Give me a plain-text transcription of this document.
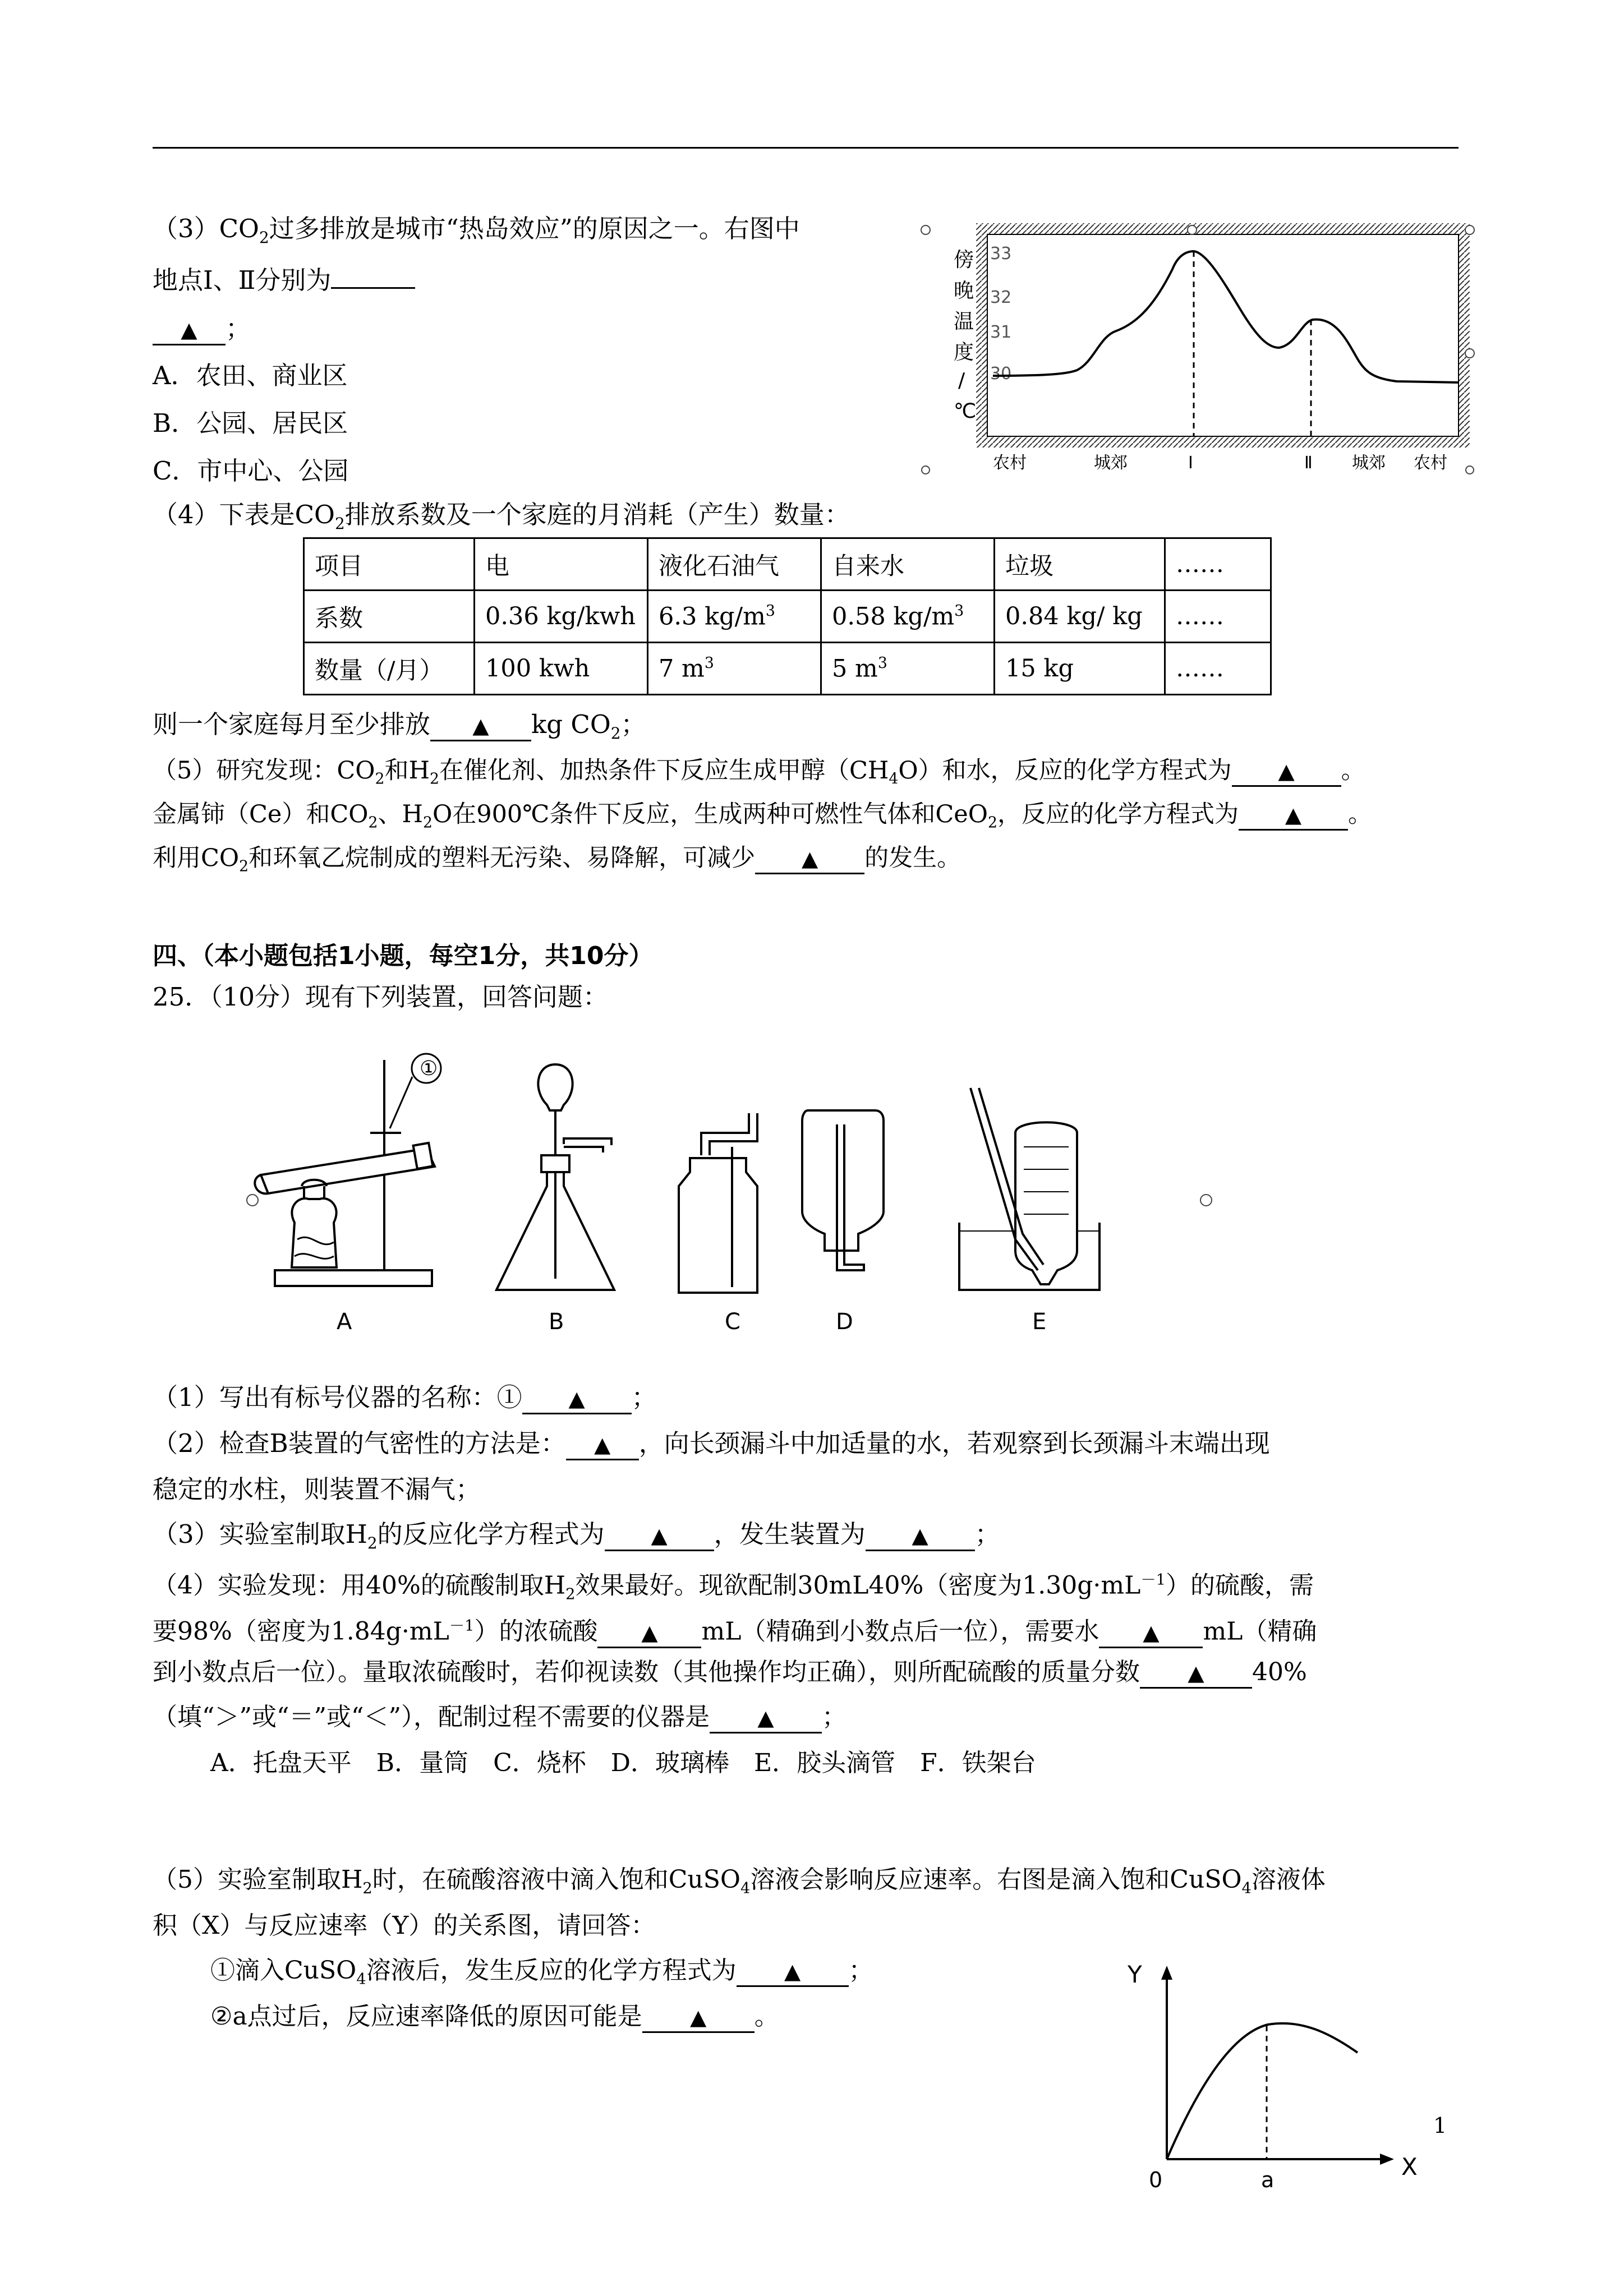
$(3)CO_2$过多排放是城市“热岛效应”的原因之一。右图中
地点Ⅰ、Ⅱ分别为
▲ ；
A．农田、商业区
B．公园、居民区
C．市中心、公园
傍
晚
温
度
/
℃
33
32
31
30
农村	城郊	Ⅰ	Ⅱ 城郊 农村
（4）下表是$CO_2$排放系数及一个家庭的月消耗（产生）数量：
项目	电	液化石油气	自来水	垃圾	……
系数	0.36 kg/kwh	6.3 $kg/m^3$	0.58 $kg/m^3$	0.84 kg/ kg	……
数量（/月）	100 kwh	7 $m^3$	5 $m^3$	15 kg	……
则一个家庭每月至少排放 ▲ kg $CO_2$；
（5）研究发现：$CO_2$和$H_2$在催化剂、加热条件下反应生成甲醇$(CH_4O)$和水，反应的化学方程式为 ▲ 。
金属铈（Ce）和$CO_2$、$H_2O$在900℃条件下反应，生成两种可燃性气体和CeO$_2$，反应的化学方程式为 ▲ 。
利用$CO_2$和环氧乙烷制成的塑料无污染、易降解，可减少 ▲ 的发生。
四、（本小题包括1小题，每空1分，共10分）
25．（10分）现有下列装置，回答问题：
①
A	B	C	D	E
（1）写出有标号仪器的名称：① ▲ ；
（2）检查B装置的气密性的方法是： ▲ ，向长颈漏斗中加适量的水，若观察到长颈漏斗末端出现
稳定的水柱，则装置不漏气；
（3）实验室制取$H_2$的反应化学方程式为 ▲ ，发生装置为 ▲ ；
（4）实验发现：用40%的硫酸制取$H_2$效果最好。现欲配制30mL40%（密度为$1.30g\cdot mL^{-1}$）的硫酸，需
要98%（密度为$1.84g\cdot mL^{-1}$）的浓硫酸 ▲ mL（精确到小数点后一位），需要水 ▲ mL（精确
到小数点后一位）。量取浓硫酸时，若仰视读数（其他操作均正确），则所配硫酸的质量分数 ▲ 40%
（填“＞”或“＝”或“＜”），配制过程不需要的仪器是 ▲ ；
A．托盘天平　B．量筒　C．烧杯　D．玻璃棒　E．胶头滴管　F．铁架台
（5）实验室制取$H_2$时，在硫酸溶液中滴入饱和CuSO$_4$溶液会影响反应速率。右图是滴入饱和CuSO$_4$溶液体
积（X）与反应速率（Y）的关系图，请回答：
①滴入CuSO$_4$溶液后，发生反应的化学方程式为 ▲ ；
②a点过后，反应速率降低的原因可能是 ▲ 。
Y
X
0	a
1
